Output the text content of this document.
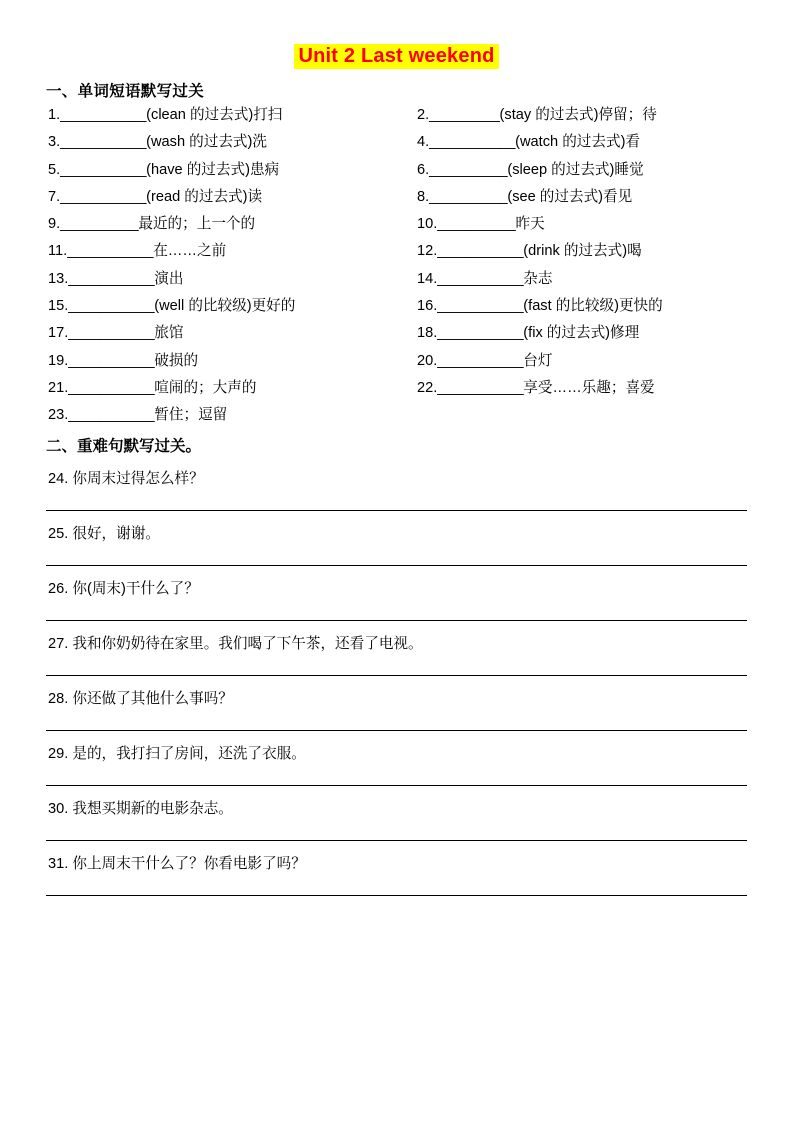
Unit 2 Last weekend
一、单词短语默写过关
1.___________(clean 的过去式)打扫	2._________(stay 的过去式)停留；待
3.___________(wash 的过去式)洗	4.___________(watch 的过去式)看
5.___________(have 的过去式)患病	6.__________(sleep 的过去式)睡觉
7.___________(read 的过去式)读	8.__________(see 的过去式)看见
9.__________最近的；上一个的	10.__________昨天
11.___________在……之前	12.___________(drink 的过去式)喝
13.___________演出	14.___________杂志
15.___________(well 的比较级)更好的	16.___________(fast 的比较级)更快的
17.___________旅馆	18.___________(fix 的过去式)修理
19.___________破损的	20.___________台灯
21.___________喧闹的；大声的	22.___________享受……乐趣；喜爱
23.___________暂住；逗留
二、重难句默写过关。
24. 你周末过得怎么样？
25. 很好，谢谢。
26. 你(周末)干什么了？
27. 我和你奶奶待在家里。我们喝了下午茶，还看了电视。
28. 你还做了其他什么事吗？
29. 是的，我打扫了房间，还洗了衣服。
30. 我想买期新的电影杂志。
31. 你上周末干什么了？你看电影了吗？
